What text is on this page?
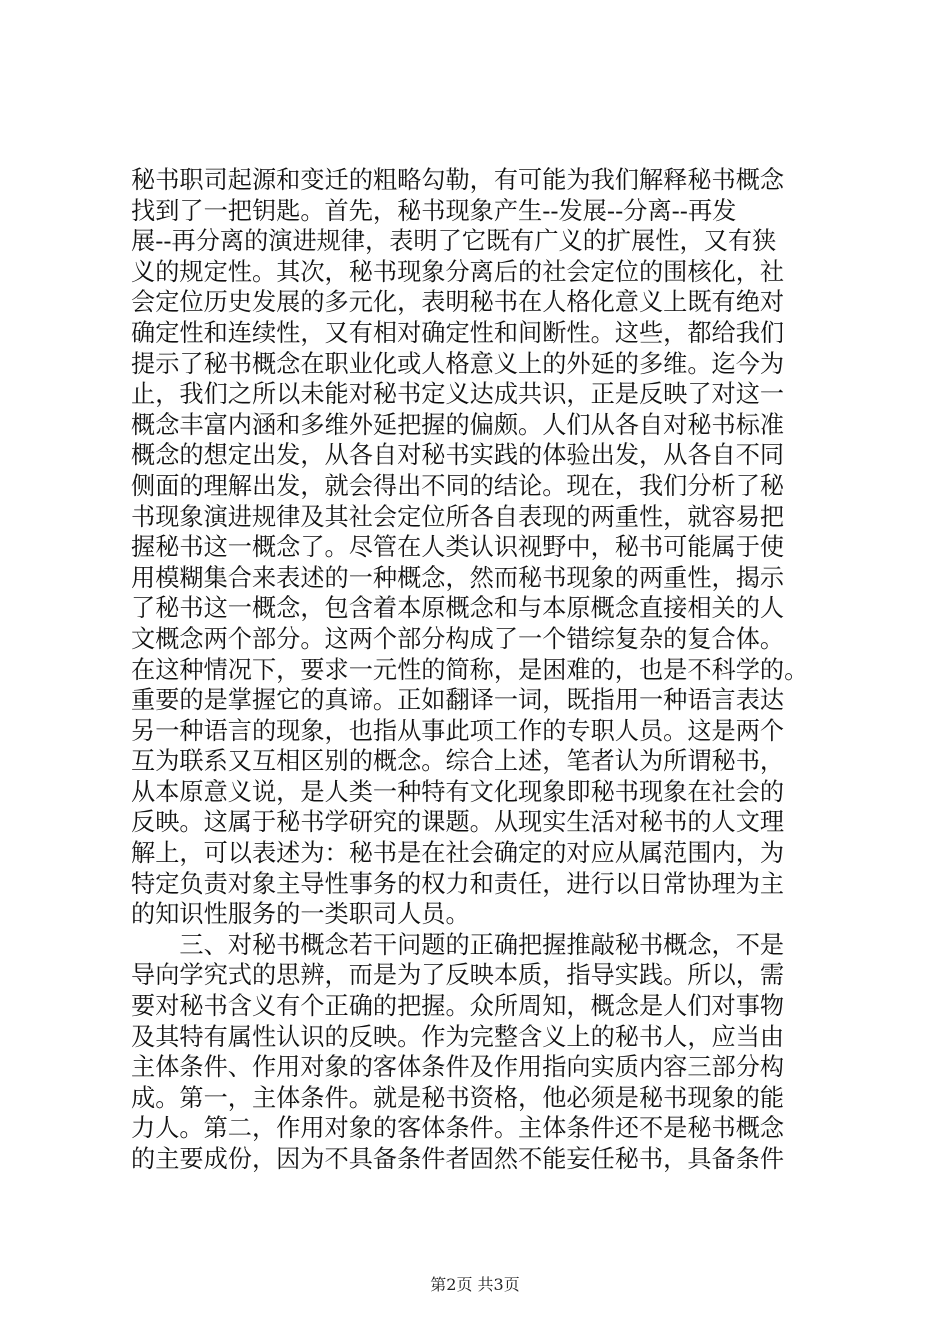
秘书职司起源和变迁的粗略勾勒，有可能为我们解释秘书概念
找到了一把钥匙。首先，秘书现象产生--发展--分离--再发
展--再分离的演进规律，表明了它既有广义的扩展性，又有狭
义的规定性。其次，秘书现象分离后的社会定位的围核化，社
会定位历史发展的多元化，表明秘书在人格化意义上既有绝对
确定性和连续性，又有相对确定性和间断性。这些，都给我们
提示了秘书概念在职业化或人格意义上的外延的多维。迄今为
止，我们之所以未能对秘书定义达成共识，正是反映了对这一
概念丰富内涵和多维外延把握的偏颇。人们从各自对秘书标准
概念的想定出发，从各自对秘书实践的体验出发，从各自不同
侧面的理解出发，就会得出不同的结论。现在，我们分析了秘
书现象演进规律及其社会定位所各自表现的两重性，就容易把
握秘书这一概念了。尽管在人类认识视野中，秘书可能属于使
用模糊集合来表述的一种概念，然而秘书现象的两重性，揭示
了秘书这一概念，包含着本原概念和与本原概念直接相关的人
文概念两个部分。这两个部分构成了一个错综复杂的复合体。
在这种情况下，要求一元性的简称，是困难的，也是不科学的。
重要的是掌握它的真谛。正如翻译一词，既指用一种语言表达
另一种语言的现象，也指从事此项工作的专职人员。这是两个
互为联系又互相区别的概念。综合上述，笔者认为所谓秘书，
从本原意义说，是人类一种特有文化现象即秘书现象在社会的
反映。这属于秘书学研究的课题。从现实生活对秘书的人文理
解上，可以表述为：秘书是在社会确定的对应从属范围内，为
特定负责对象主导性事务的权力和责任，进行以日常协理为主
的知识性服务的一类职司人员。
　　三、对秘书概念若干问题的正确把握推敲秘书概念，不是
导向学究式的思辨，而是为了反映本质，指导实践。所以，需
要对秘书含义有个正确的把握。众所周知，概念是人们对事物
及其特有属性认识的反映。作为完整含义上的秘书人，应当由
主体条件、作用对象的客体条件及作用指向实质内容三部分构
成。第一，主体条件。就是秘书资格，他必须是秘书现象的能
力人。第二，作用对象的客体条件。主体条件还不是秘书概念
的主要成份，因为不具备条件者固然不能妄任秘书，具备条件
第2页 共3页
